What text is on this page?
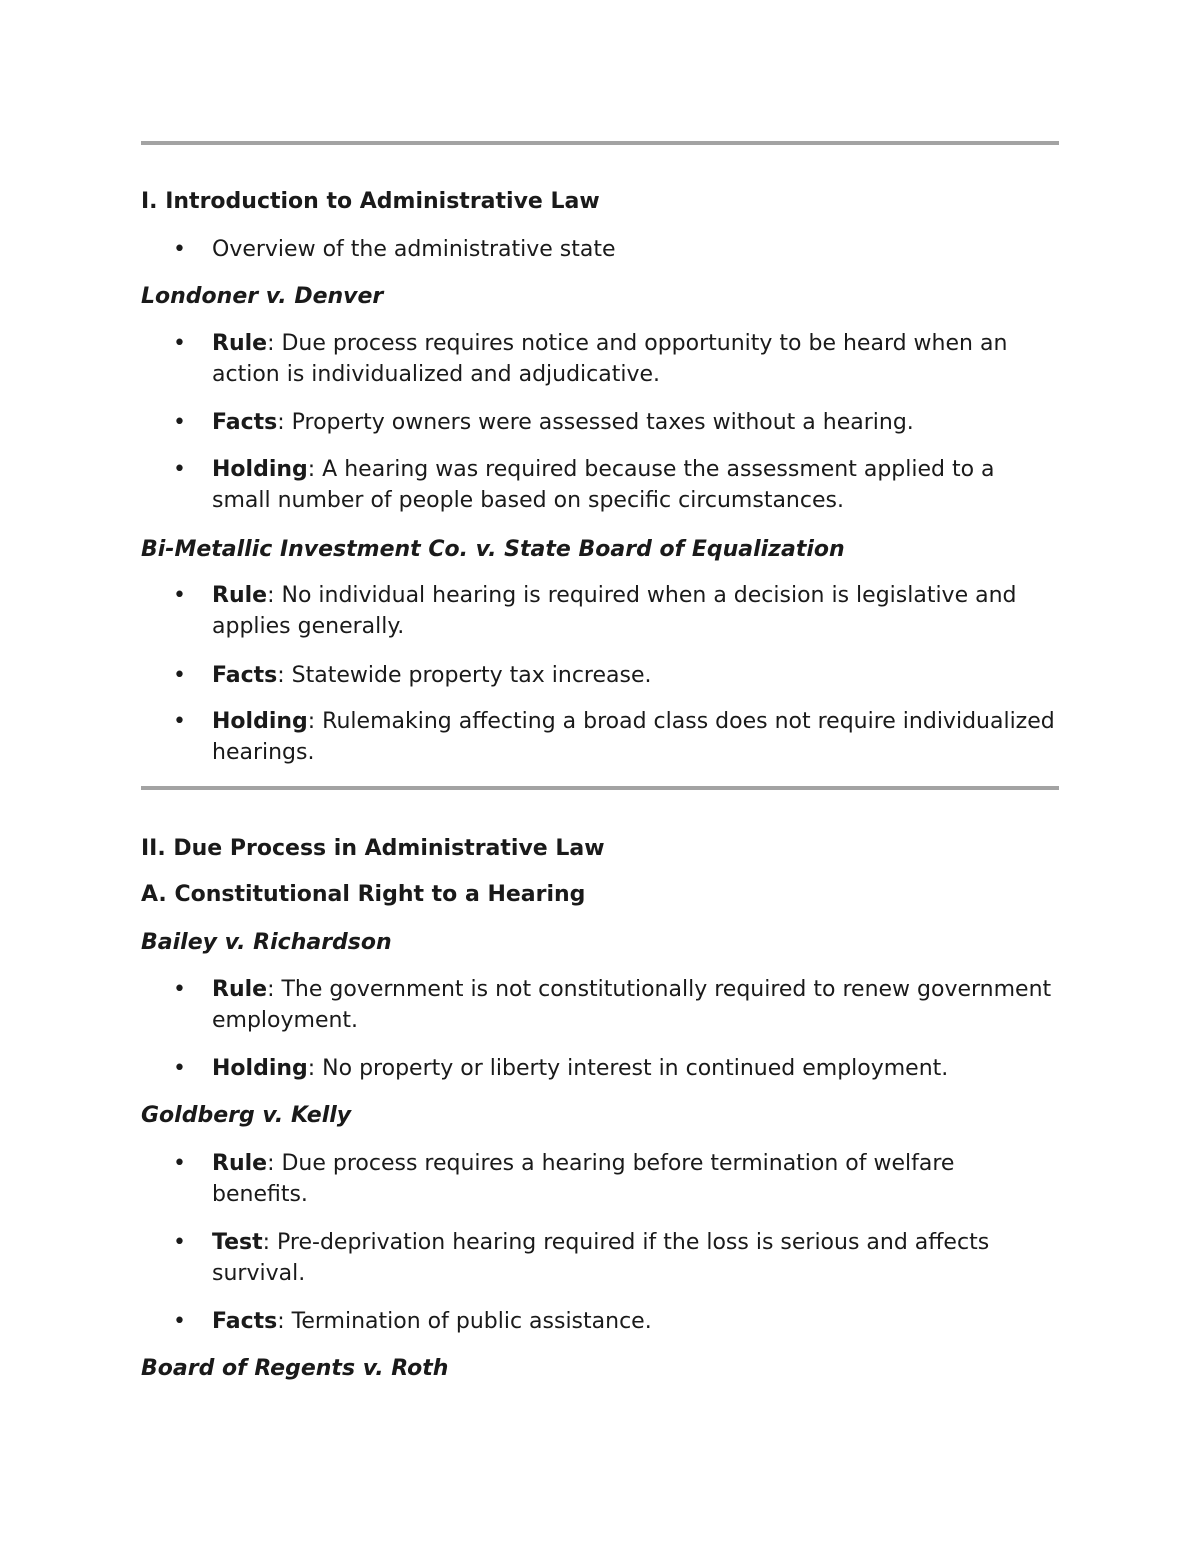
I. Introduction to Administrative Law
• Overview of the administrative state
Londoner v. Denver
• Rule: Due process requires notice and opportunity to be heard when an action is individualized and adjudicative.
• Facts: Property owners were assessed taxes without a hearing.
• Holding: A hearing was required because the assessment applied to a small number of people based on specific circumstances.
Bi-Metallic Investment Co. v. State Board of Equalization
• Rule: No individual hearing is required when a decision is legislative and applies generally.
• Facts: Statewide property tax increase.
• Holding: Rulemaking affecting a broad class does not require individualized hearings.
II. Due Process in Administrative Law
A. Constitutional Right to a Hearing
Bailey v. Richardson
• Rule: The government is not constitutionally required to renew government employment.
• Holding: No property or liberty interest in continued employment.
Goldberg v. Kelly
• Rule: Due process requires a hearing before termination of welfare benefits.
• Test: Pre-deprivation hearing required if the loss is serious and affects survival.
• Facts: Termination of public assistance.
Board of Regents v. Roth
